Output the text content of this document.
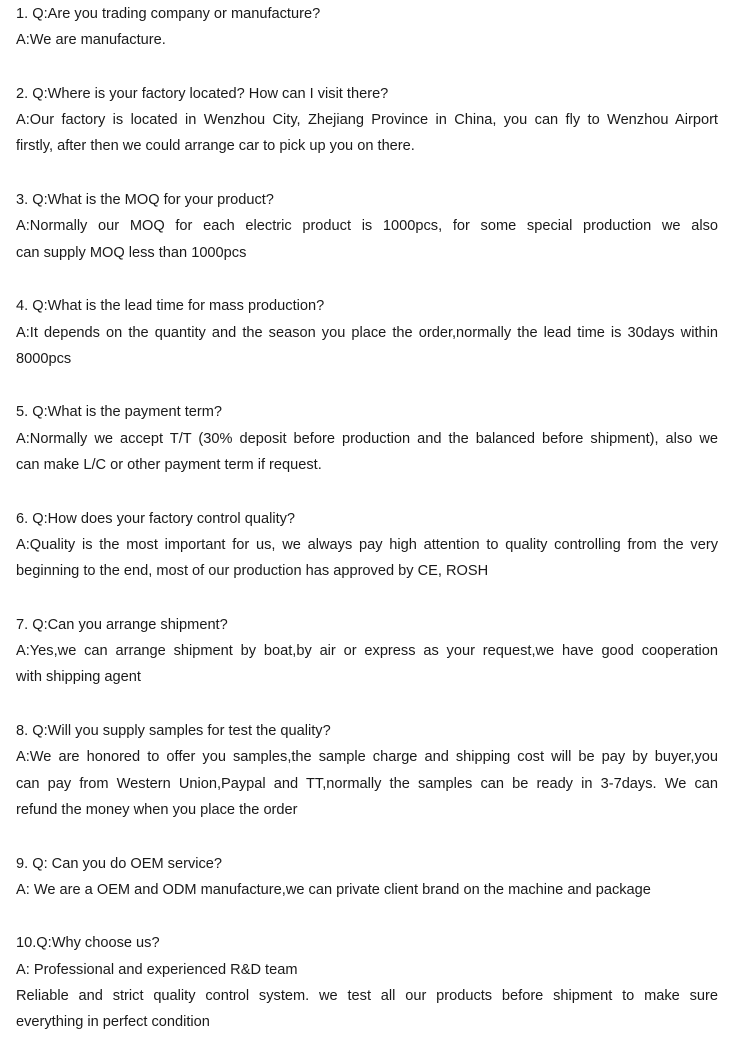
1. Q:Are you trading company or manufacture?
A:We are manufacture.
2. Q:Where is your factory located? How can I visit there?
A:Our factory is located in Wenzhou City, Zhejiang Province in China, you can fly to Wenzhou Airport
firstly, after then we could arrange car to pick up you on there.
3. Q:What is the MOQ for your product?
A:Normally our MOQ for each electric product is 1000pcs, for some special production we also
can supply MOQ less than 1000pcs
4. Q:What is the lead time for mass production?
A:It depends on the quantity and the season you place the order,normally the lead time is 30days within
8000pcs
5. Q:What is the payment term?
A:Normally we accept T/T (30% deposit before production and the balanced before shipment), also we
can make L/C or other payment term if request.
6. Q:How does your factory control quality?
A:Quality is the most important for us, we always pay high attention to quality controlling from the very
beginning to the end, most of our production has approved by CE, ROSH
7. Q:Can you arrange shipment?
A:Yes,we can arrange shipment by boat,by air or express as your request,we have good cooperation
with shipping agent
8. Q:Will you supply samples for test the quality?
A:We are honored to offer you samples,the sample charge and shipping cost will be pay by buyer,you
can pay from Western Union,Paypal and TT,normally the samples can be ready in 3-7days. We can
refund the money when you place the order
9. Q: Can you do OEM service?
A: We are a OEM and ODM manufacture,we can private client brand on the machine and package
10.Q:Why choose us?
A: Professional and experienced R&D team
Reliable and strict quality control system. we test all our products before shipment to make sure
everything in perfect condition
